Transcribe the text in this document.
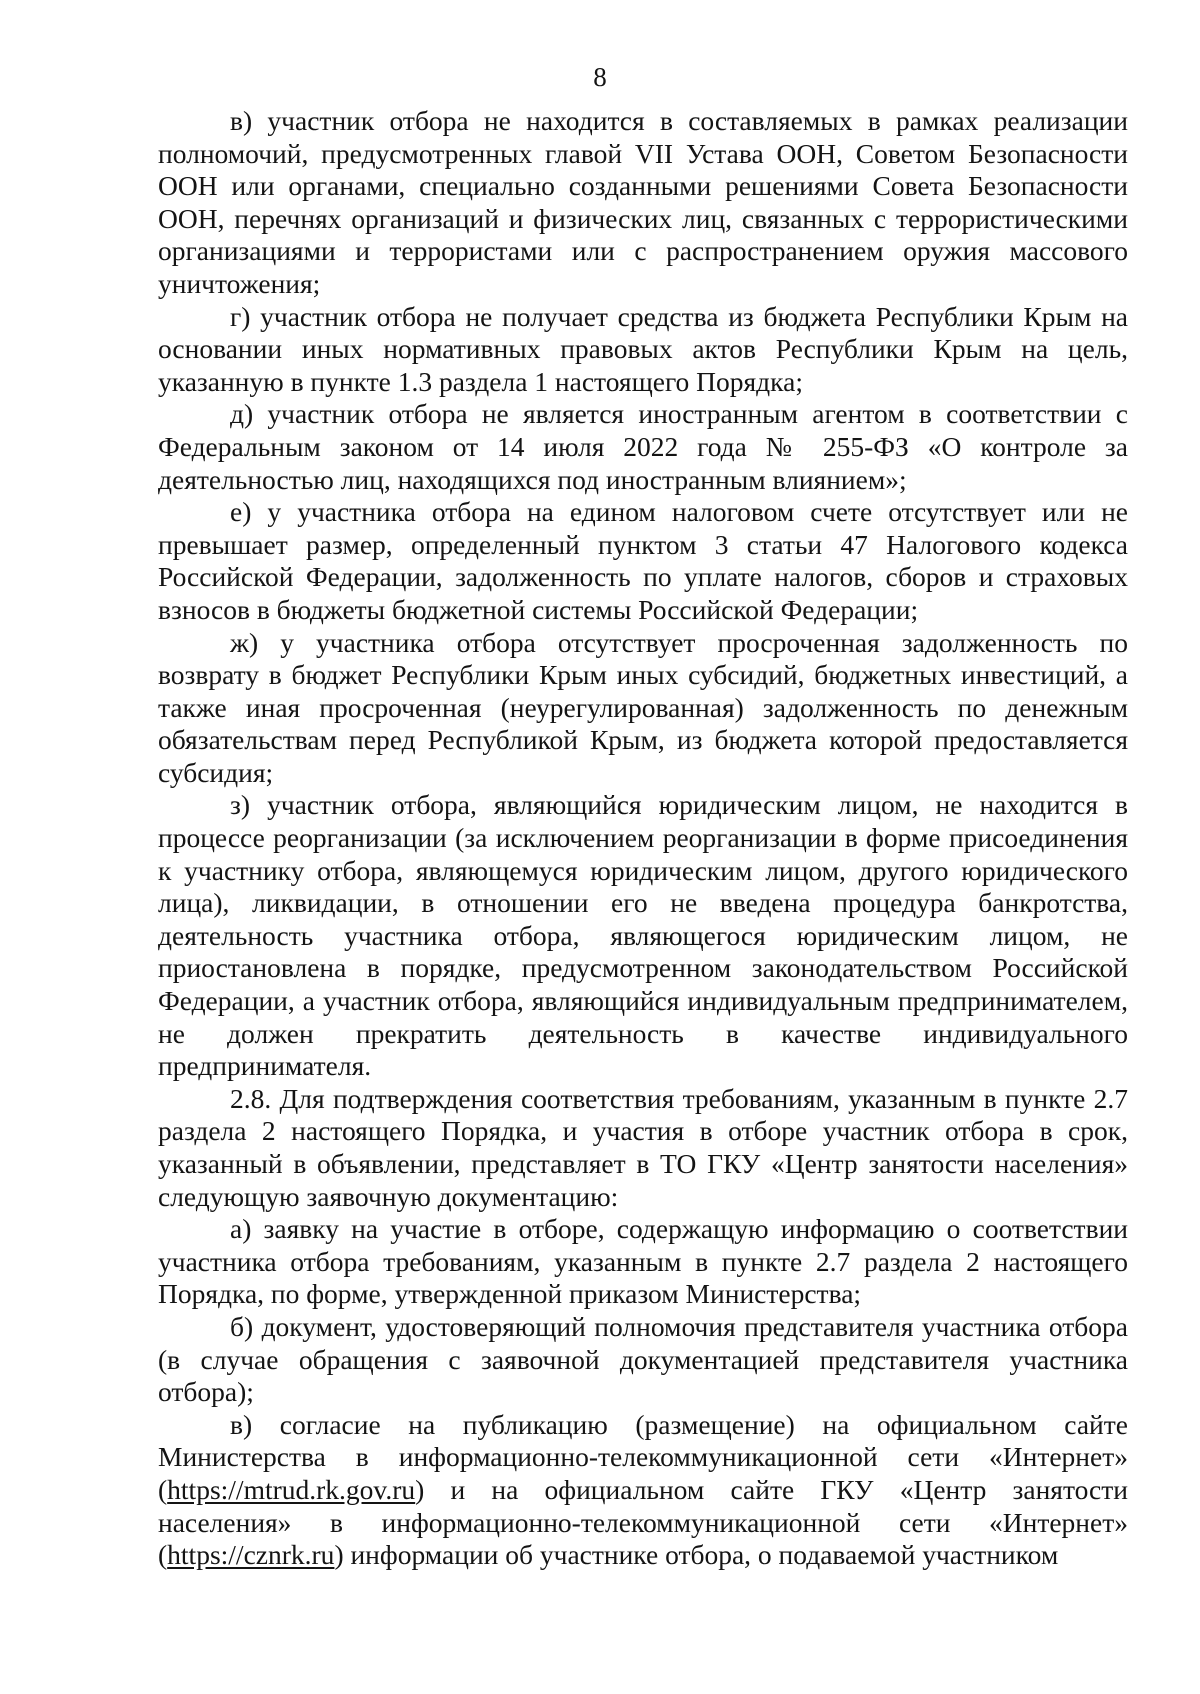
8

в) участник отбора не находится в составляемых в рамках реализации полномочий, предусмотренных главой VII Устава ООН, Советом Безопасности ООН или органами, специально созданными решениями Совета Безопасности ООН, перечнях организаций и физических лиц, связанных с террористическими организациями и террористами или с распространением оружия массового уничтожения;

г) участник отбора не получает средства из бюджета Республики Крым на основании иных нормативных правовых актов Республики Крым на цель, указанную в пункте 1.3 раздела 1 настоящего Порядка;

д) участник отбора не является иностранным агентом в соответствии с Федеральным законом от 14 июля 2022 года № 255-ФЗ «О контроле за деятельностью лиц, находящихся под иностранным влиянием»;

е) у участника отбора на едином налоговом счете отсутствует или не превышает размер, определенный пунктом 3 статьи 47 Налогового кодекса Российской Федерации, задолженность по уплате налогов, сборов и страховых взносов в бюджеты бюджетной системы Российской Федерации;

ж) у участника отбора отсутствует просроченная задолженность по возврату в бюджет Республики Крым иных субсидий, бюджетных инвестиций, а также иная просроченная (неурегулированная) задолженность по денежным обязательствам перед Республикой Крым, из бюджета которой предоставляется субсидия;

з) участник отбора, являющийся юридическим лицом, не находится в процессе реорганизации (за исключением реорганизации в форме присоединения к участнику отбора, являющемуся юридическим лицом, другого юридического лица), ликвидации, в отношении его не введена процедура банкротства, деятельность участника отбора, являющегося юридическим лицом, не приостановлена в порядке, предусмотренном законодательством Российской Федерации, а участник отбора, являющийся индивидуальным предпринимателем, не должен прекратить деятельность в качестве индивидуального предпринимателя.

2.8. Для подтверждения соответствия требованиям, указанным в пункте 2.7 раздела 2 настоящего Порядка, и участия в отборе участник отбора в срок, указанный в объявлении, представляет в ТО ГКУ «Центр занятости населения» следующую заявочную документацию:

а) заявку на участие в отборе, содержащую информацию о соответствии участника отбора требованиям, указанным в пункте 2.7 раздела 2 настоящего Порядка, по форме, утвержденной приказом Министерства;

б) документ, удостоверяющий полномочия представителя участника отбора (в случае обращения с заявочной документацией представителя участника отбора);

в) согласие на публикацию (размещение) на официальном сайте Министерства в информационно-телекоммуникационной сети «Интернет» (https://mtrud.rk.gov.ru) и на официальном сайте ГКУ «Центр занятости населения» в информационно-телекоммуникационной сети «Интернет» (https://cznrk.ru) информации об участнике отбора, о подаваемой участником
